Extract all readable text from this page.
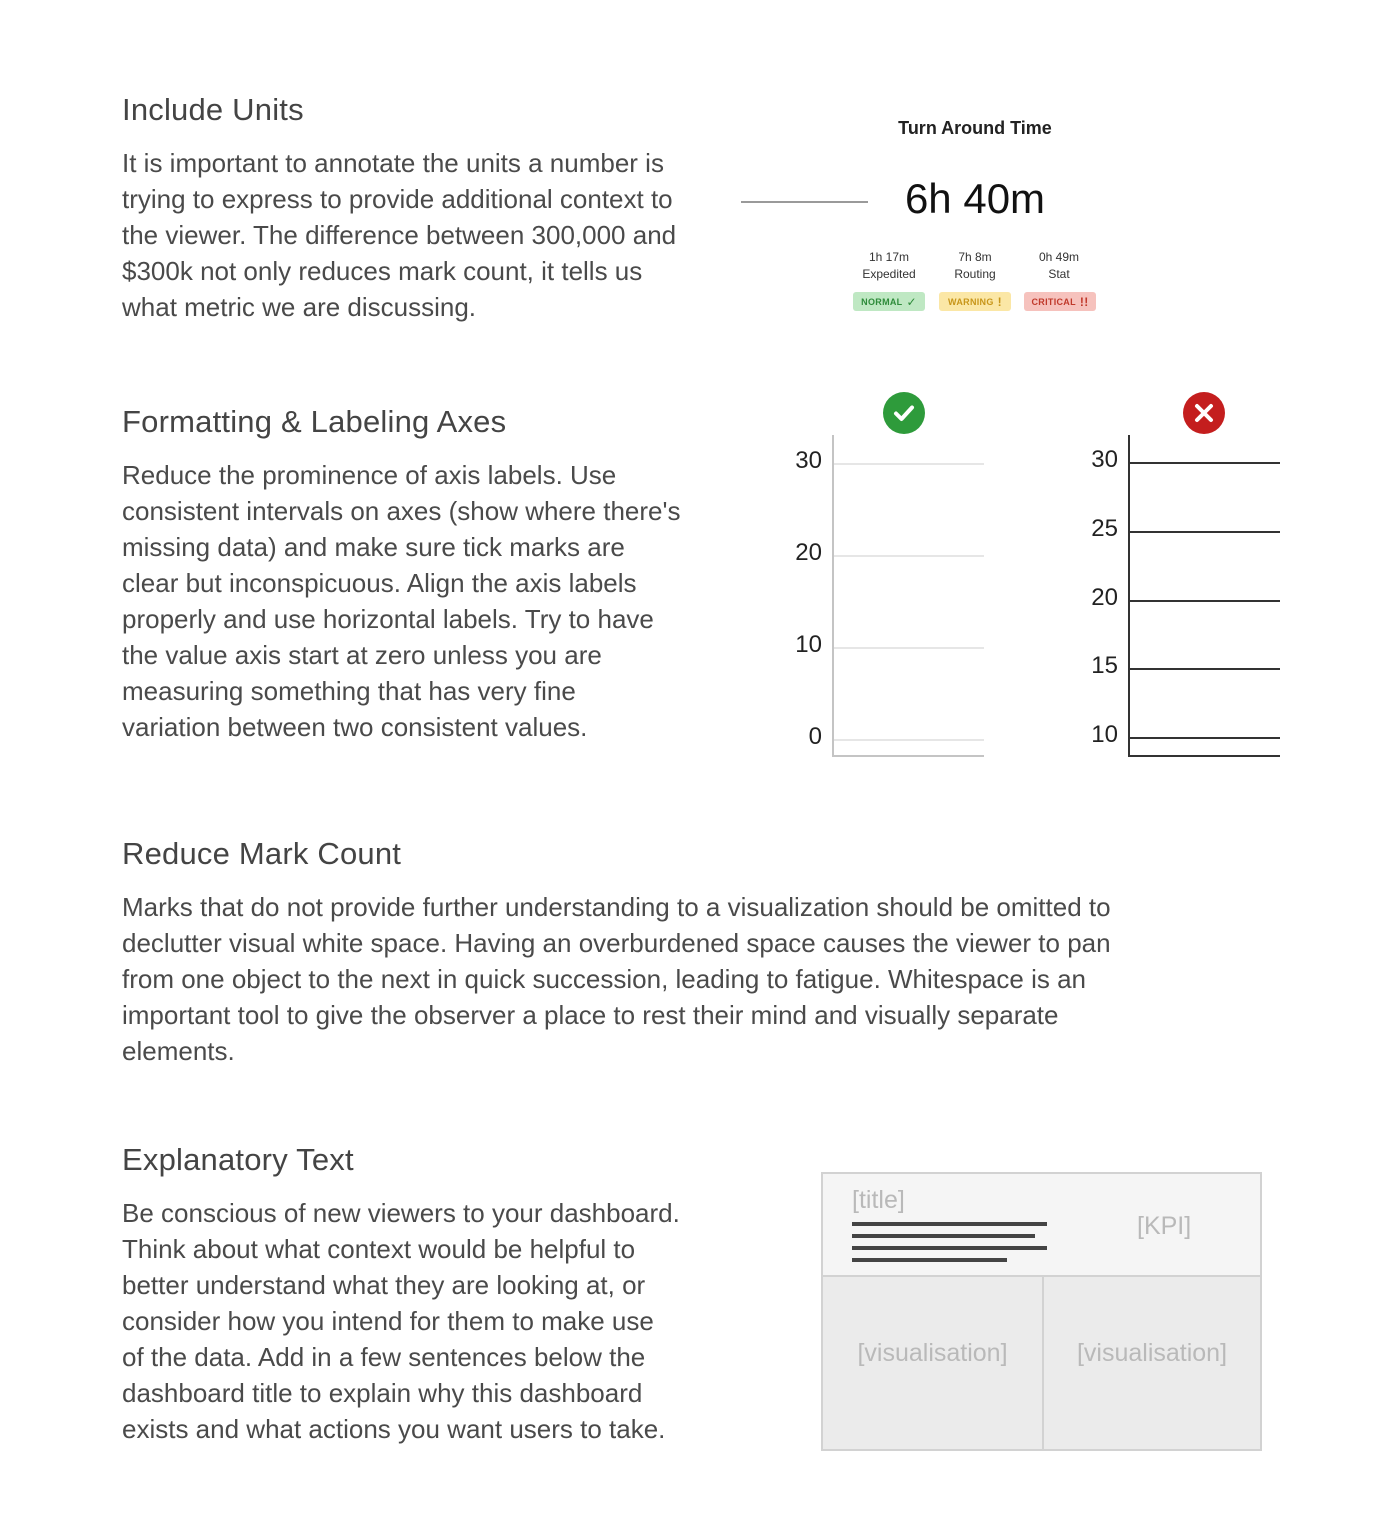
Include Units

It is important to annotate the units a number is

trying to express to provide additional context to

the viewer. The difference between 300,000 and

$300k not only reduces mark count, it tells us

what metric we are discussing.

Turn Around Time
6h 40m
1h 17m
Expedited
7h 8m
Routing
0h 49m
Stat
NORMAL ✓	WARNING !	CRITICAL !!
Formatting & Labeling Axes

Reduce the prominence of axis labels. Use

consistent intervals on axes (show where there's

missing data) and make sure tick marks are

clear but inconspicuous. Align the axis labels

properly and use horizontal labels. Try to have

the value axis start at zero unless you are

measuring something that has very fine

variation between two consistent values.

30
20
10
0
30
25
20
15
10
Reduce Mark Count

Marks that do not provide further understanding to a visualization should be omitted to

declutter visual white space. Having an overburdened space causes the viewer to pan

from one object to the next in quick succession, leading to fatigue. Whitespace is an

important tool to give the observer a place to rest their mind and visually separate

elements.

Explanatory Text

Be conscious of new viewers to your dashboard.

Think about what context would be helpful to

better understand what they are looking at, or

consider how you intend for them to make use

of the data. Add in a few sentences below the

dashboard title to explain why this dashboard

exists and what actions you want users to take.

[title]
[KPI]
[visualisation]	[visualisation]
